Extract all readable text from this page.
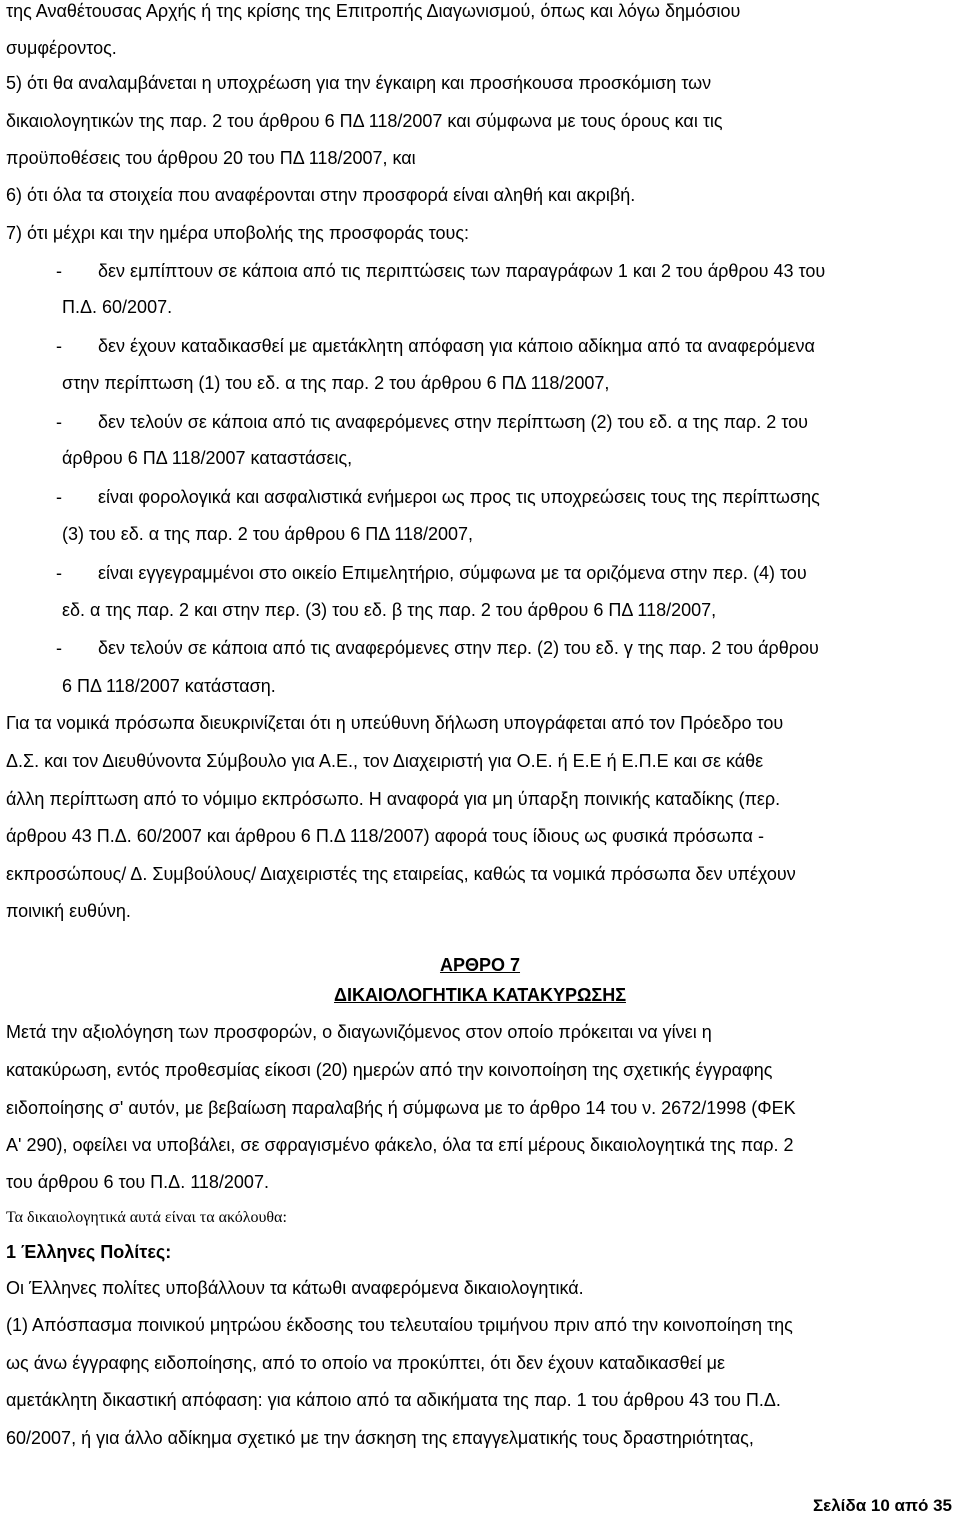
της Αναθέτουσας Αρχής ή της κρίσης της Επιτροπής Διαγωνισμού, όπως και λόγω δημόσιου

συμφέροντος.

5) ότι θα αναλαμβάνεται η υποχρέωση για την έγκαιρη και προσήκουσα προσκόμιση των

δικαιολογητικών της παρ. 2 του άρθρου 6 ΠΔ 118/2007 και σύμφωνα με τους όρους και τις

προϋποθέσεις του άρθρου 20 του ΠΔ 118/2007, και

6) ότι όλα τα στοιχεία που αναφέρονται στην προσφορά είναι αληθή και ακριβή.

7) ότι μέχρι και την ημέρα υποβολής της προσφοράς τους:

- δεν εμπίπτουν σε κάποια από τις περιπτώσεις των παραγράφων 1 και 2 του άρθρου 43 του

Π.Δ. 60/2007.

- δεν έχουν καταδικασθεί με αμετάκλητη απόφαση για κάποιο αδίκημα από τα αναφερόμενα

στην περίπτωση (1) του εδ. α της παρ. 2 του άρθρου 6 ΠΔ 118/2007,

- δεν τελούν σε κάποια από τις αναφερόμενες στην περίπτωση (2) του εδ. α της παρ. 2 του

άρθρου 6 ΠΔ 118/2007 καταστάσεις,

- είναι φορολογικά και ασφαλιστικά ενήμεροι ως προς τις υποχρεώσεις τους της περίπτωσης

(3) του εδ. α της παρ. 2 του άρθρου 6 ΠΔ 118/2007,

- είναι εγγεγραμμένοι στο οικείο Επιμελητήριο, σύμφωνα με τα οριζόμενα στην περ. (4) του

εδ. α της παρ. 2 και στην περ. (3) του εδ. β της παρ. 2 του άρθρου 6 ΠΔ 118/2007,

- δεν τελούν σε κάποια από τις αναφερόμενες στην περ. (2) του εδ. γ της παρ. 2 του άρθρου

6 ΠΔ 118/2007 κατάσταση.

Για τα νομικά πρόσωπα διευκρινίζεται ότι η υπεύθυνη δήλωση υπογράφεται από τον Πρόεδρο του

Δ.Σ. και τον Διευθύνοντα Σύμβουλο για Α.Ε., τον Διαχειριστή για Ο.Ε. ή Ε.Ε ή Ε.Π.Ε και σε κάθε

άλλη περίπτωση από το νόμιμο εκπρόσωπο. Η αναφορά για μη ύπαρξη ποινικής καταδίκης (περ.

άρθρου 43 Π.Δ. 60/2007 και άρθρου 6 Π.Δ 118/2007) αφορά τους ίδιους ως φυσικά πρόσωπα -

εκπροσώπους/ Δ. Συμβούλους/ Διαχειριστές της εταιρείας, καθώς τα νομικά πρόσωπα δεν υπέχουν

ποινική ευθύνη.

ΑΡΘΡΟ 7

ΔΙΚΑΙΟΛΟΓΗΤΙΚΑ ΚΑΤΑΚΥΡΩΣΗΣ

Μετά την αξιολόγηση των προσφορών, ο διαγωνιζόμενος στον οποίο πρόκειται να γίνει η

κατακύρωση, εντός προθεσμίας είκοσι (20) ημερών από την κοινοποίηση της σχετικής έγγραφης

ειδοποίησης σ' αυτόν, με βεβαίωση παραλαβής ή σύμφωνα με το άρθρο 14 του ν. 2672/1998 (ΦΕΚ

Α' 290), οφείλει να υποβάλει, σε σφραγισμένο φάκελο, όλα τα επί μέρους δικαιολογητικά της παρ. 2

του άρθρου 6 του Π.Δ. 118/2007.

Τα δικαιολογητικά αυτά είναι τα ακόλουθα:

1 Έλληνες Πολίτες:

Οι Έλληνες πολίτες υποβάλλουν τα κάτωθι αναφερόμενα δικαιολογητικά.

(1) Απόσπασμα ποινικού μητρώου έκδοσης του τελευταίου τριμήνου πριν από την κοινοποίηση της

ως άνω έγγραφης ειδοποίησης, από το οποίο να προκύπτει, ότι δεν έχουν καταδικασθεί με

αμετάκλητη δικαστική απόφαση: για κάποιο από τα αδικήματα της παρ. 1 του άρθρου 43 του Π.Δ.

60/2007, ή για άλλο αδίκημα σχετικό με την άσκηση της επαγγελματικής τους δραστηριότητας,

Σελίδα 10 από 35
